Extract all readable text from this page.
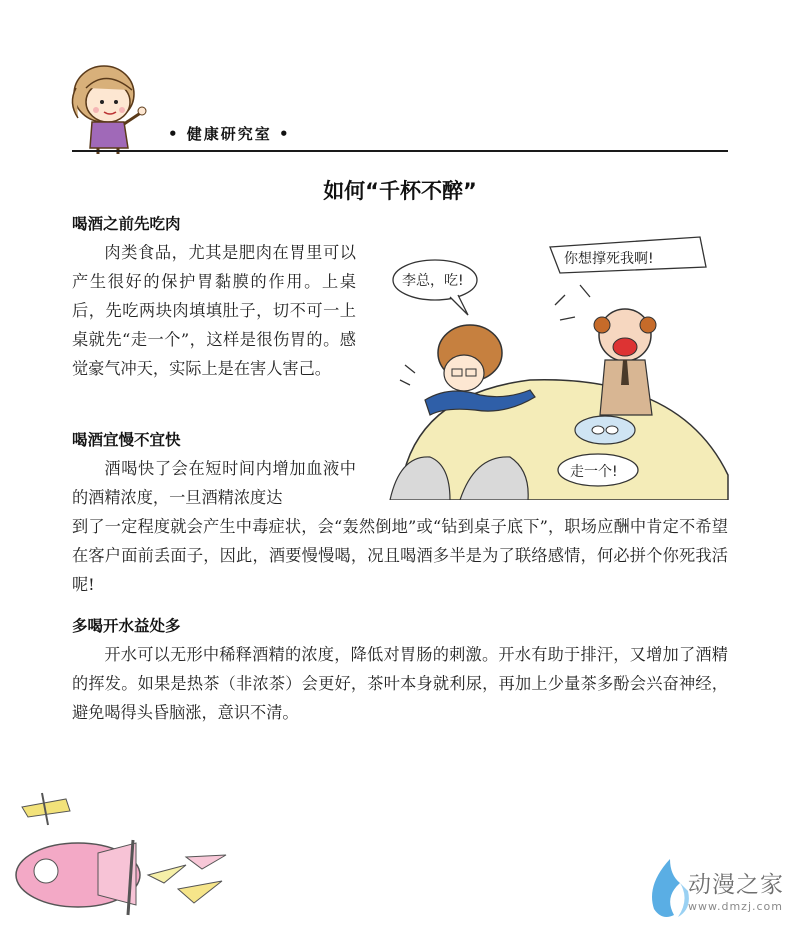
• 健康研究室 •
如何“千杯不醉”
喝酒之前先吃肉
肉类食品，尤其是肥肉在胃里可以产生很好的保护胃黏膜的作用。上桌后，先吃两块肉填填肚子，切不可一上桌就先“走一个”，这样是很伤胃的。感觉豪气冲天，实际上是在害人害己。
喝酒宜慢不宜快
酒喝快了会在短时间内增加血液中的酒精浓度，一旦酒精浓度达
到了一定程度就会产生中毒症状，会“轰然倒地”或“钻到桌子底下”，职场应酬中肯定不希望在客户面前丢面子，因此，酒要慢慢喝，况且喝酒多半是为了联络感情，何必拼个你死我活呢!
多喝开水益处多
开水可以无形中稀释酒精的浓度，降低对胃肠的刺激。开水有助于排汗，又增加了酒精的挥发。如果是热茶（非浓茶）会更好，茶叶本身就利尿，再加上少量茶多酚会兴奋神经，避免喝得头昏脑涨，意识不清。
李总，吃!
你想撑死我啊!
走一个!
动漫之家
www.dmzj.com
